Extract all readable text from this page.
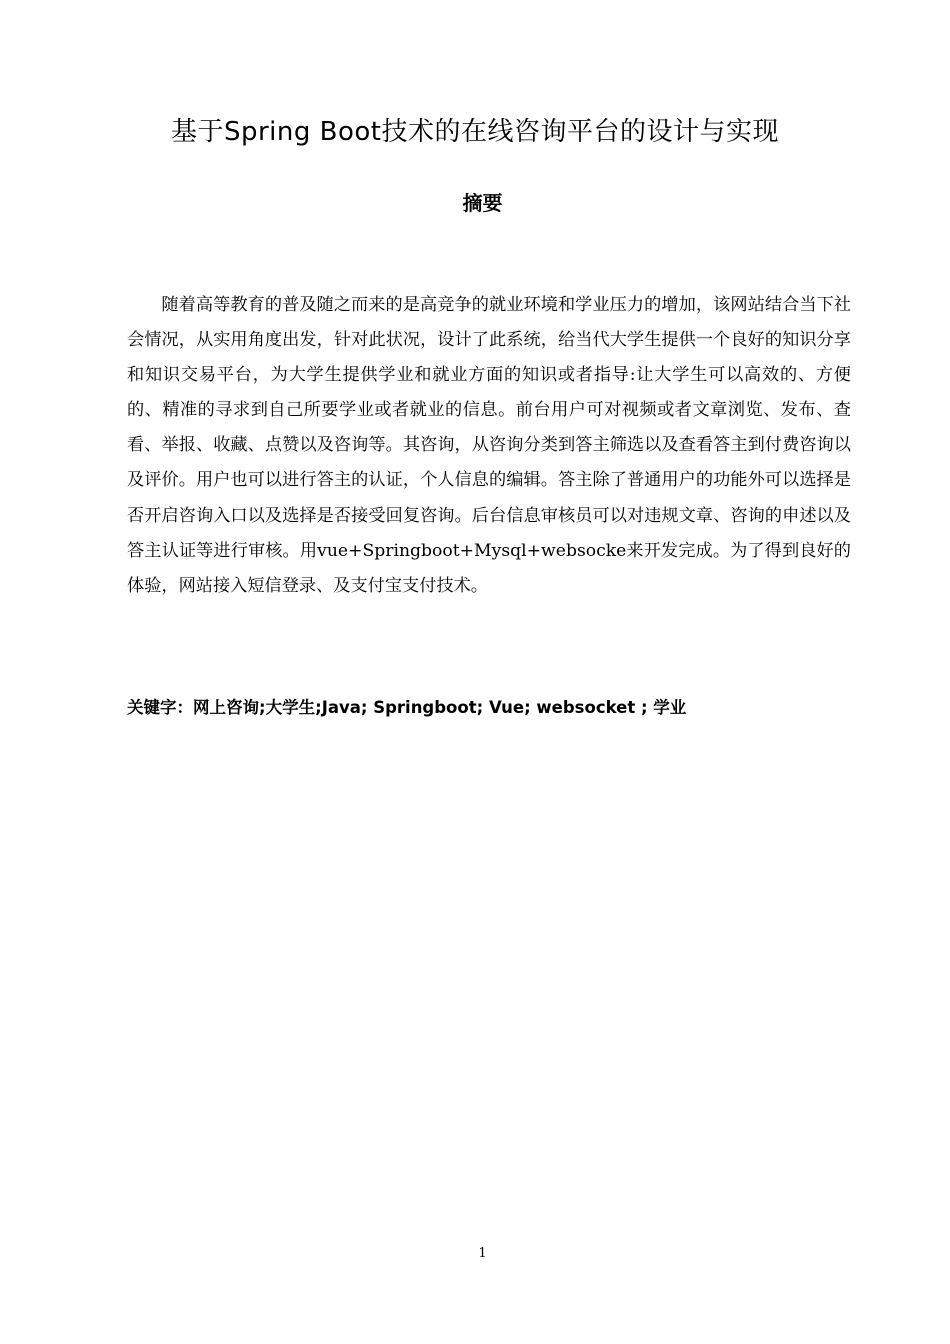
基于Spring Boot技术的在线咨询平台的设计与实现
摘要

随着高等教育的普及随之而来的是高竞争的就业环境和学业压力的增加，该网站结合当下社会情况，从实用角度出发，针对此状况，设计了此系统，给当代大学生提供一个良好的知识分享和知识交易平台，为大学生提供学业和就业方面的知识或者指导:让大学生可以高效的、方便的、精准的寻求到自己所要学业或者就业的信息。前台用户可对视频或者文章浏览、发布、查看、举报、收藏、点赞以及咨询等。其咨询，从咨询分类到答主筛选以及查看答主到付费咨询以及评价。用户也可以进行答主的认证，个人信息的编辑。答主除了普通用户的功能外可以选择是否开启咨询入口以及选择是否接受回复咨询。后台信息审核员可以对违规文章、咨询的申述以及答主认证等进行审核。用vue+Springboot+Mysql+websocke来开发完成。为了得到良好的体验，网站接入短信登录、及支付宝支付技术。

关键字：网上咨询;大学生;Java; Springboot; Vue; websocket ; 学业

1
